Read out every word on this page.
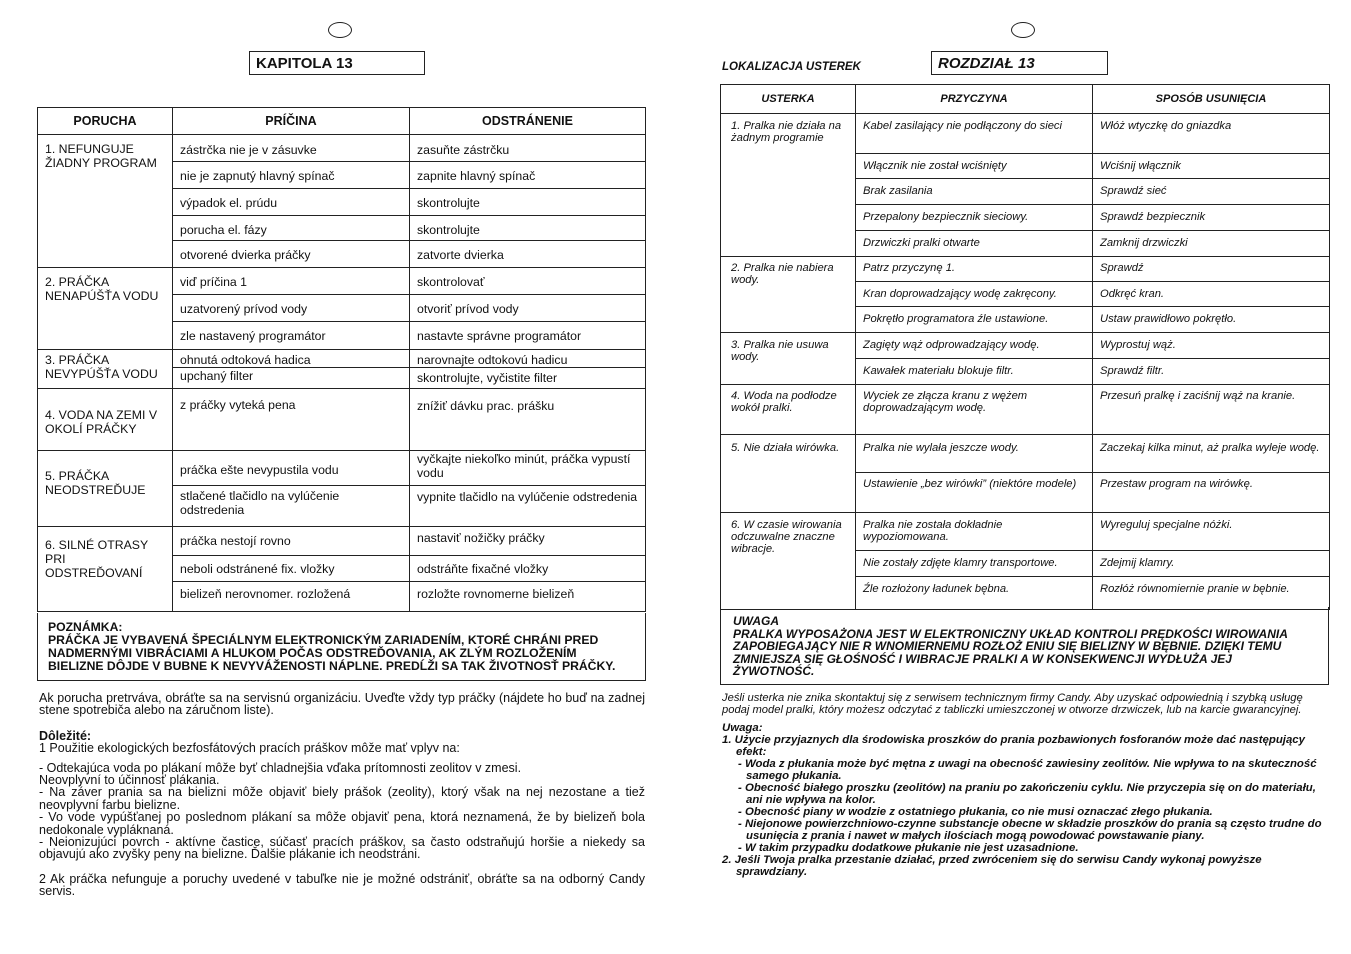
KAPITOLA 13
PORUCHA	PRÍČINA	ODSTRÁNENIE
1. NEFUNGUJE ŽIADNY PROGRAM	zástrčka nie je v zásuvke	zasuňte zástrčku
	nie je zapnutý hlavný spínač	zapnite hlavný spínač
	výpadok el. prúdu	skontrolujte
	porucha el. fázy	skontrolujte
	otvorené dvierka práčky	zatvorte dvierka
2. PRÁČKA NENAPÚŠŤA VODU	viď príčina 1	skontrolovať
	uzatvorený prívod vody	otvoriť prívod vody
	zle nastavený programátor	nastavte správne programátor
3. PRÁČKA NEVYPÚŠŤA VODU	ohnutá odtoková hadica	narovnajte odtokovú hadicu
	upchaný filter	skontrolujte, vyčistite filter
4. VODA NA ZEMI V OKOLÍ PRÁČKY	z práčky vyteká pena	znížiť dávku prac. prášku
5. PRÁČKA NEODSTREĎUJE	práčka ešte nevypustila vodu	vyčkajte niekoľko minút, práčka vypustí vodu
	stlačené tlačidlo na vylúčenie odstredenia	vypnite tlačidlo na vylúčenie odstredenia
6. SILNÉ OTRASY PRI ODSTREĎOVANÍ	práčka nestojí rovno	nastaviť nožičky práčky
	neboli odstránené fix. vložky	odstráňte fixačné vložky
	bielizeň nerovnomer. rozložená	rozložte rovnomerne bielizeň
POZNÁMKA:
PRÁČKA JE VYBAVENÁ ŠPECIÁLNYM ELEKTRONICKÝM ZARIADENÍM, KTORÉ CHRÁNI PRED NADMERNÝMI VIBRÁCIAMI A HLUKOM POČAS ODSTREĎOVANIA, AK ZLÝM ROZLOŽENÍM BIELIZNE DÔJDE V BUBNE K NEVYVÁŽENOSTI NÁPLNE. PREDĹŽI SA TAK ŽIVOTNOSŤ PRÁČKY.

Ak porucha pretrváva, obráťte sa na servisnú organizáciu. Uveďte vždy typ práčky (nájdete ho buď na zadnej stene spotrebiča alebo na záručnom liste).

Dôležité:

1 Použitie ekologických bezfosfátových pracích práškov môže mať vplyv na:

- Odtekajúca voda po plákaní môže byť chladnejšia vďaka prítomnosti zeolitov v zmesi.

Neovplyvní to účinnosť plákania.

- Na záver prania sa na bielizni môže objaviť biely prášok (zeolity), ktorý však na nej nezostane a tiež neovplyvní farbu bielizne.

- Vo vode vypúšťanej po poslednom plákaní sa môže objaviť pena, ktorá neznamená, že by bielizeň bola nedokonale vypláknaná.

- Neionizujúci povrch - aktívne častice, súčasť pracích práškov, sa často odstraňujú horšie a niekedy sa objavujú ako zvyšky peny na bielizne. Ďalšie plákanie ich neodstráni.

2 Ak práčka nefunguje a poruchy uvedené v tabuľke nie je možné odstrániť, obráťte sa na odborný Candy servis.

LOKALIZACJA USTEREK	ROZDZIAŁ 13
USTERKA	PRZYCZYNA	SPOSÓB USUNIĘCIA
1. Pralka nie działa na żadnym programie	Kabel zasilający nie podłączony do sieci	Włóż wtyczkę do gniazdka
	Włącznik nie został wciśnięty	Wciśnij włącznik
	Brak zasilania	Sprawdź sieć
	Przepalony bezpiecznik sieciowy.	Sprawdź bezpiecznik
	Drzwiczki pralki otwarte	Zamknij drzwiczki
2. Pralka nie nabiera wody.	Patrz przyczynę 1.	Sprawdź
	Kran doprowadzający wodę zakręcony.	Odkręć kran.
	Pokrętło programatora źle ustawione.	Ustaw prawidłowo pokrętło.
3. Pralka nie usuwa wody.	Zagięty wąż odprowadzający wodę.	Wyprostuj wąż.
	Kawałek materiału blokuje filtr.	Sprawdź filtr.
4. Woda na podłodze wokół pralki.	Wyciek ze złącza kranu z wężem doprowadzającym wodę.	Przesuń pralkę i zaciśnij wąż na kranie.
5. Nie działa wirówka.	Pralka nie wylała jeszcze wody.	Zaczekaj kilka minut, aż pralka wyleje wodę.
	Ustawienie „bez wirówki” (niektóre modele)	Przestaw program na wirówkę.
6. W czasie wirowania odczuwalne znaczne wibracje.	Pralka nie została dokładnie wypoziomowana.	Wyreguluj specjalne nóżki.
	Nie zostały zdjęte klamry transportowe.	Zdejmij klamry.
	Źle rozłożony ładunek bębna.	Rozłóż równomiernie pranie w bębnie.
UWAGA
PRALKA WYPOSAŻONA JEST W ELEKTRONICZNY UKŁAD KONTROLI PRĘDKOŚCI WIROWANIA ZAPOBIEGAJĄCY NIE R WNOMIERNEMU ROZŁOŻ ENIU SIĘ BIELIZNY W BĘBNIE. DZIĘKI TEMU ZMNIEJSZA SIĘ GŁOŚNOŚĆ I WIBRACJE PRALKI A W KONSEKWENCJI WYDŁUŻA JEJ ŻYWOTNOŚĆ.

Jeśli usterka nie znika skontaktuj się z serwisem technicznym firmy Candy. Aby uzyskać odpowiednią i szybką usługę podaj model pralki, który możesz odczytać z tabliczki umieszczonej w otworze drzwiczek, lub na karcie gwarancyjnej.

Uwaga:

1. Użycie przyjaznych dla środowiska proszków do prania pozbawionych fosforanów może dać następujący efekt:

- Woda z płukania może być mętna z uwagi na obecność zawiesiny zeolitów. Nie wpływa to na skuteczność samego płukania.

- Obecność białego proszku (zeolitów) na praniu po zakończeniu cyklu. Nie przyczepia się on do materiału, ani nie wpływa na kolor.

- Obecność piany w wodzie z ostatniego płukania, co nie musi oznaczać złego płukania.

- Niejonowe powierzchniowo-czynne substancje obecne w składzie proszków do prania są często trudne do usunięcia z prania i nawet w małych ilościach mogą powodować powstawanie piany.

- W takim przypadku dodatkowe płukanie nie jest uzasadnione.

2. Jeśli Twoja pralka przestanie działać, przed zwróceniem się do serwisu Candy wykonaj powyższe sprawdziany.
